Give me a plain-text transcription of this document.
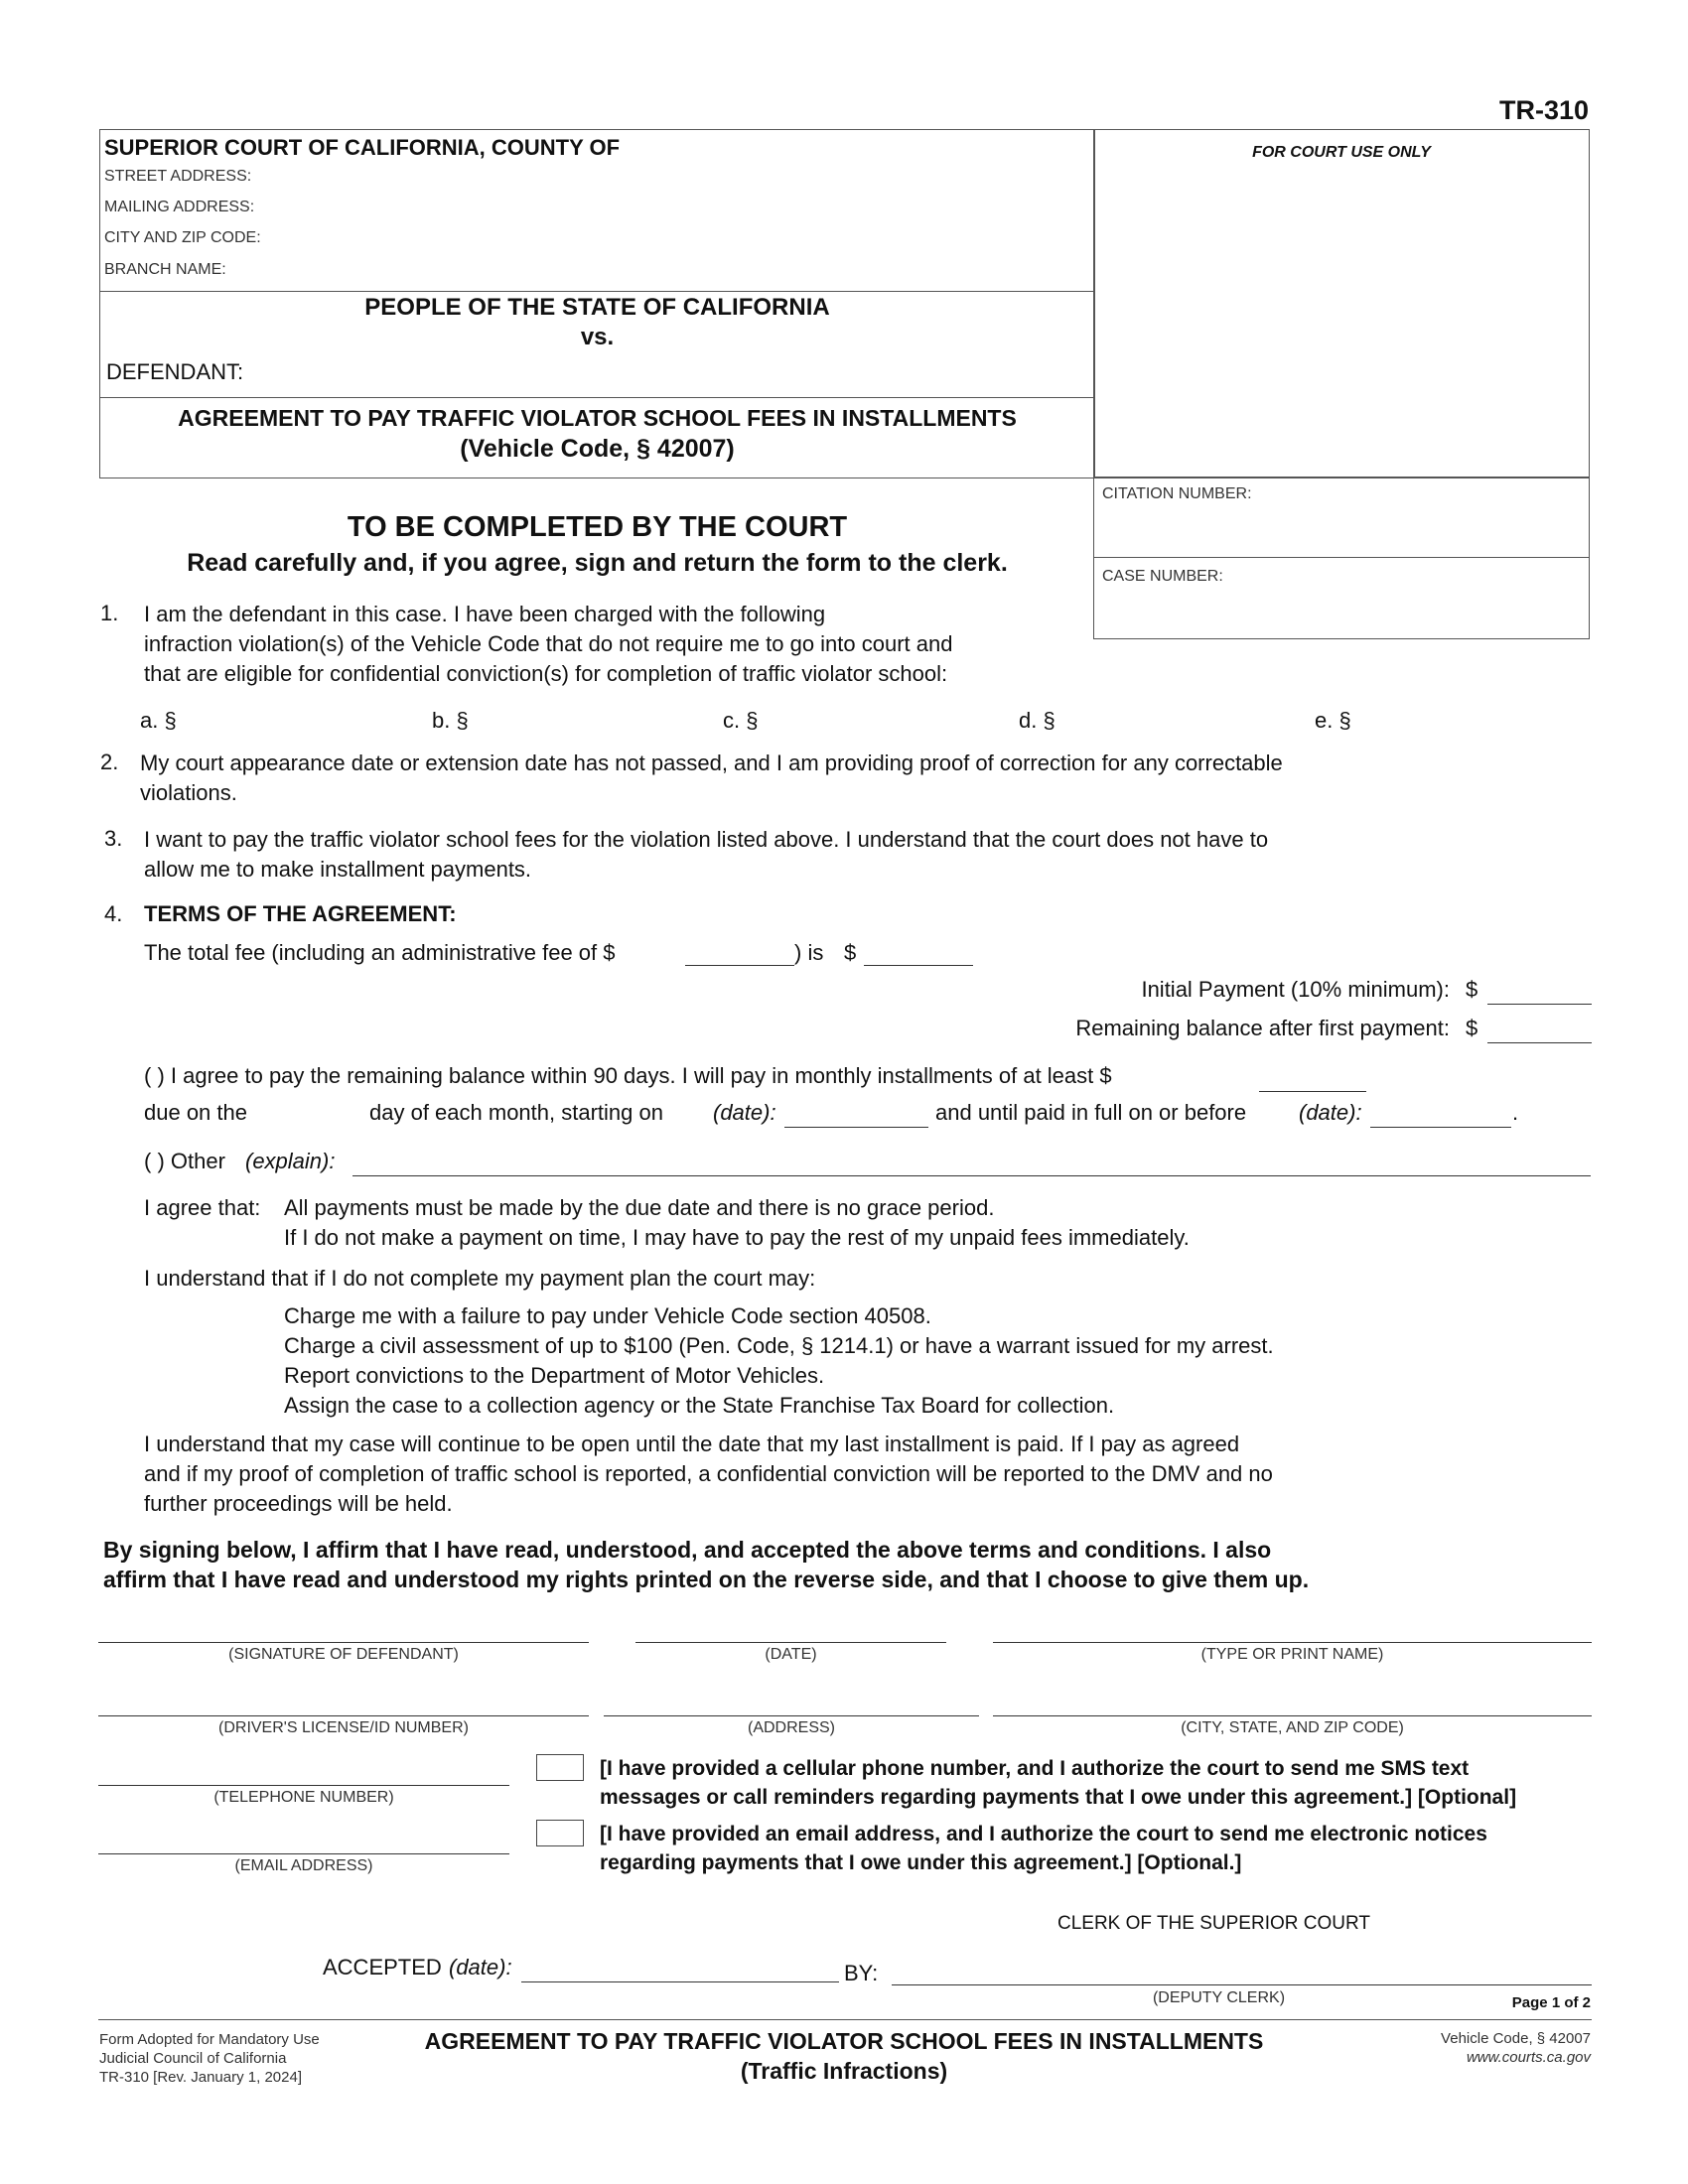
TR-310
SUPERIOR COURT OF CALIFORNIA, COUNTY OF
STREET ADDRESS:
MAILING ADDRESS:
CITY AND ZIP CODE:
BRANCH NAME:
FOR COURT USE ONLY
PEOPLE OF THE STATE OF CALIFORNIA
vs.
DEFENDANT:
AGREEMENT TO PAY TRAFFIC VIOLATOR SCHOOL FEES IN INSTALLMENTS
(Vehicle Code, § 42007)
CITATION NUMBER:
CASE NUMBER:
TO BE COMPLETED BY THE COURT
Read carefully and, if you agree, sign and return the form to the clerk.
1. I am the defendant in this case. I have been charged with the following
infraction violation(s) of the Vehicle Code that do not require me to go into court and
that are eligible for confidential conviction(s) for completion of traffic violator school:
a. §	b. §	c. §	d. §	e. §
2. My court appearance date or extension date has not passed, and I am providing proof of correction for any correctable
violations.
3. I want to pay the traffic violator school fees for the violation listed above. I understand that the court does not have to
allow me to make installment payments.
4. TERMS OF THE AGREEMENT:
The total fee (including an administrative fee of $	) is $
Initial Payment (10% minimum): $
Remaining balance after first payment: $
( ) I agree to pay the remaining balance within 90 days. I will pay in monthly installments of at least $
due on the	day of each month, starting on (date):	and until paid in full on or before (date):	.
( ) Other (explain):
I agree that: All payments must be made by the due date and there is no grace period.
If I do not make a payment on time, I may have to pay the rest of my unpaid fees immediately.
I understand that if I do not complete my payment plan the court may:
Charge me with a failure to pay under Vehicle Code section 40508.
Charge a civil assessment of up to $100 (Pen. Code, § 1214.1) or have a warrant issued for my arrest.
Report convictions to the Department of Motor Vehicles.
Assign the case to a collection agency or the State Franchise Tax Board for collection.
I understand that my case will continue to be open until the date that my last installment is paid. If I pay as agreed
and if my proof of completion of traffic school is reported, a confidential conviction will be reported to the DMV and no
further proceedings will be held.
By signing below, I affirm that I have read, understood, and accepted the above terms and conditions. I also
affirm that I have read and understood my rights printed on the reverse side, and that I choose to give them up.
(SIGNATURE OF DEFENDANT)	(DATE)	(TYPE OR PRINT NAME)
(DRIVER'S LICENSE/ID NUMBER)	(ADDRESS)	(CITY, STATE, AND ZIP CODE)
(TELEPHONE NUMBER)
(EMAIL ADDRESS)
[I have provided a cellular phone number, and I authorize the court to send me SMS text
messages or call reminders regarding payments that I owe under this agreement.] [Optional]
[I have provided an email address, and I authorize the court to send me electronic notices
regarding payments that I owe under this agreement.] [Optional.]
CLERK OF THE SUPERIOR COURT
ACCEPTED (date):	BY:
(DEPUTY CLERK)	Page 1 of 2
Form Adopted for Mandatory Use
Judicial Council of California
TR-310 [Rev. January 1, 2024]
AGREEMENT TO PAY TRAFFIC VIOLATOR SCHOOL FEES IN INSTALLMENTS
(Traffic Infractions)
Vehicle Code, § 42007
www.courts.ca.gov
